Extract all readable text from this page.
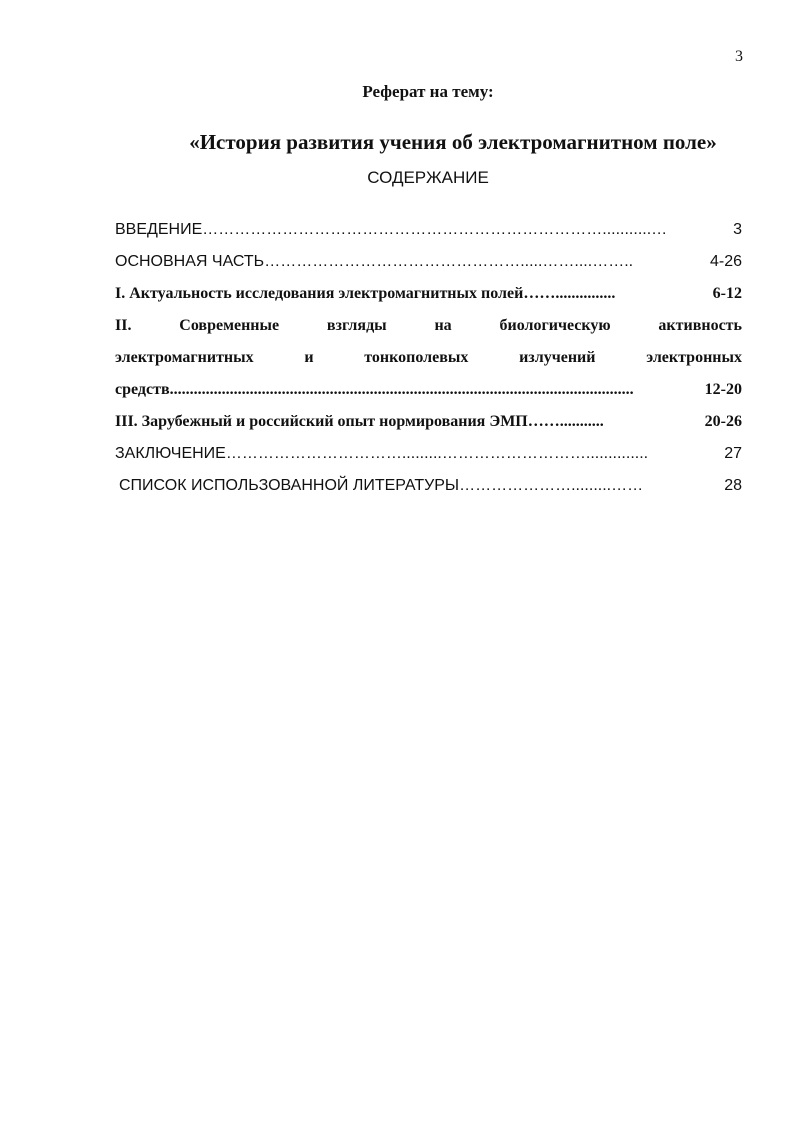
3
Реферат на тему:
«История развития учения об электромагнитном поле»
СОДЕРЖАНИЕ
ВВЕДЕНИЕ …………………………………………………………………...........…	3
ОСНОВНАЯ ЧАСТЬ ………………………………………….....……....……..	4-26
I. Актуальность исследования электромагнитных полей ……...............	6-12
II. Современные взгляды на биологическую активность
электромагнитных и тонкополевых излучений электронных
средств ....................................................................................................................	12-20
III. Зарубежный и российский опыт нормирования ЭМП ……...........	20-26
ЗАКЛЮЧЕНИЕ …………………………….........………………………..............	27
СПИСОК ИСПОЛЬЗОВАННОЙ ЛИТЕРАТУРЫ ………………….........……	28
